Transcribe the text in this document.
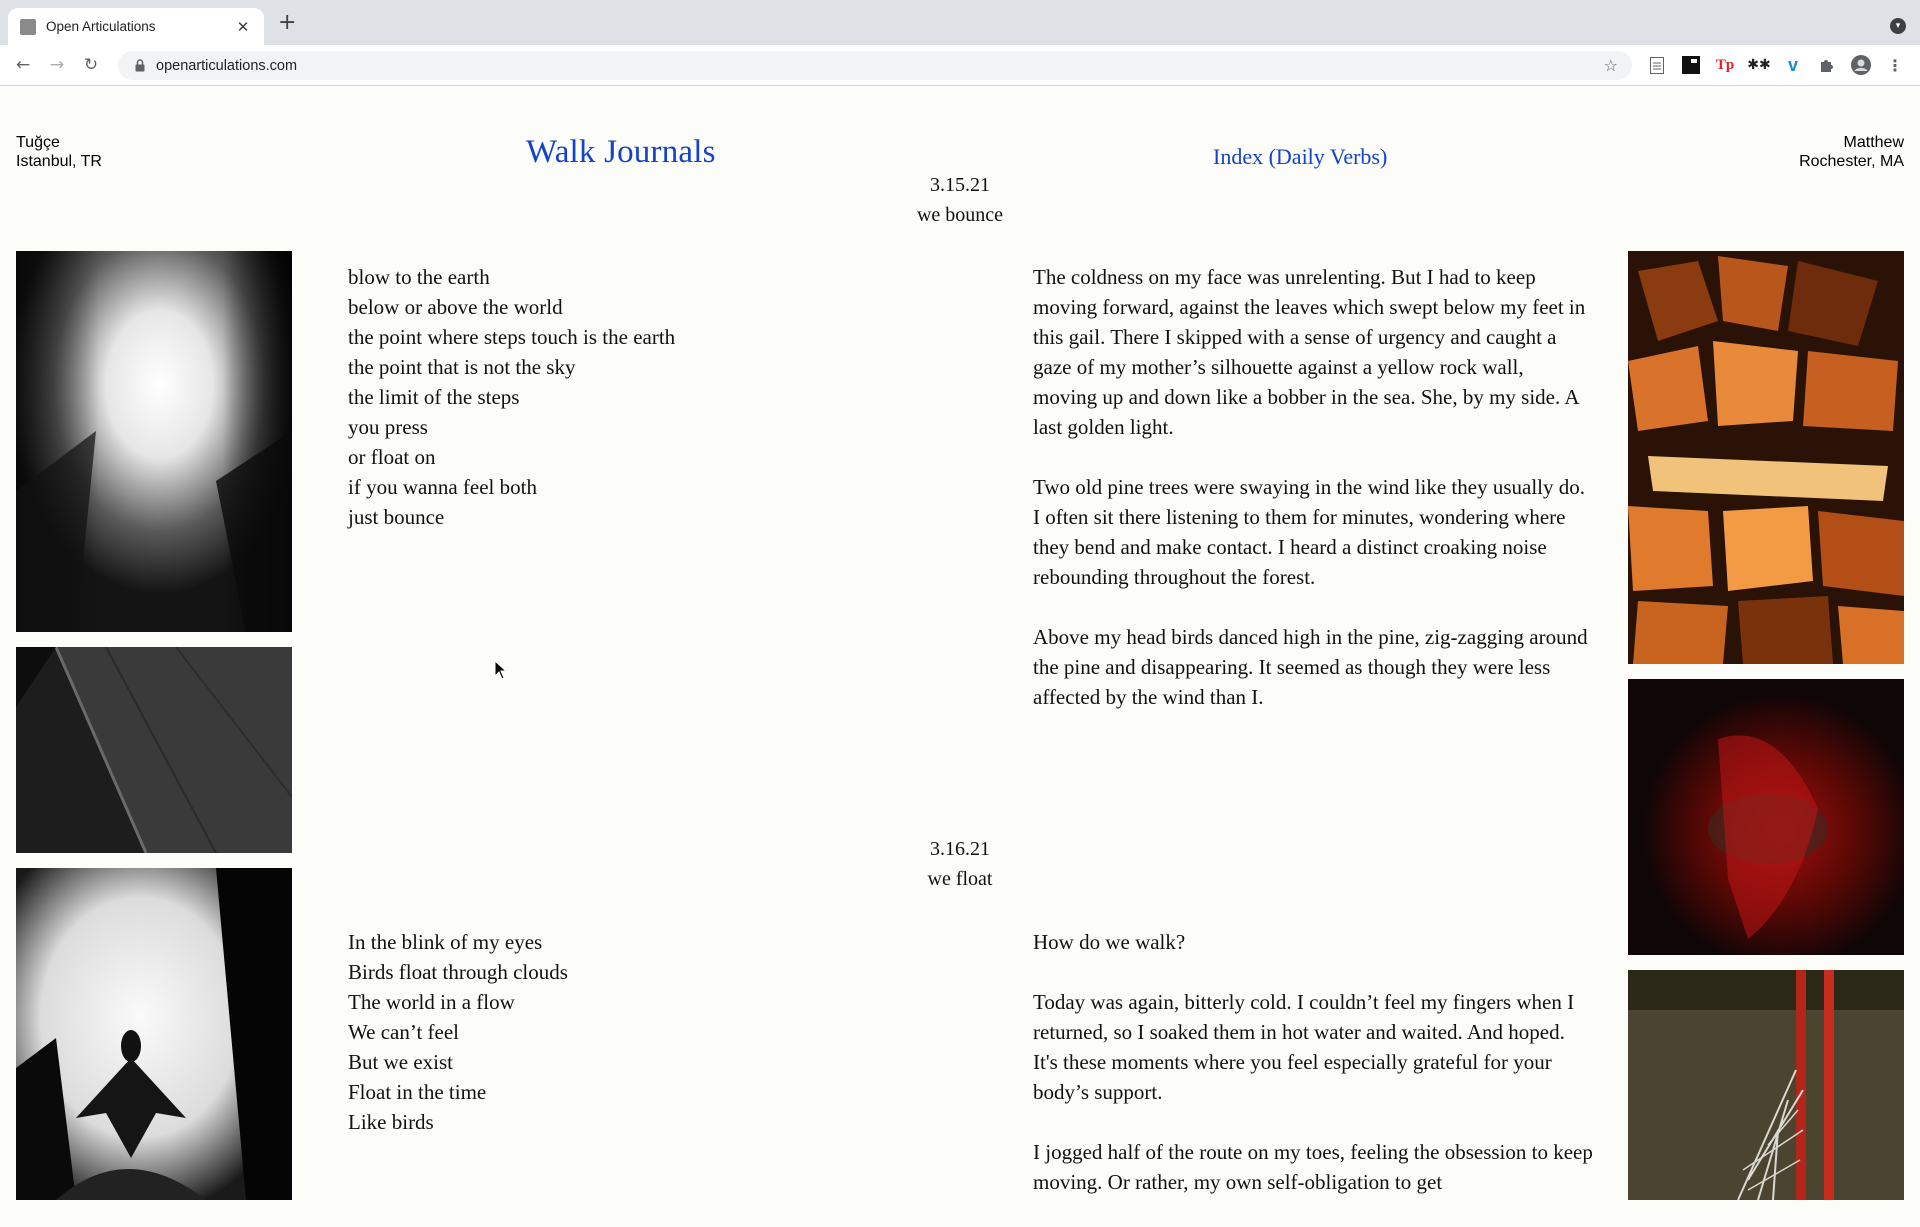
Open Articulations	✕ +	▾
←	→	↻	openarticulations.com	☆	Tp ✱✱ v	⋮
Tuğçe
Istanbul, TR	Walk Journals	Index (Daily Verbs)
Matthew
Rochester, MA
3.15.21
we bounce
blow to the earth
below or above the world
the point where steps touch is the earth
the point that is not the sky
the limit of the steps
you press
or float on
if you wanna feel both
just bounce

The coldness on my face was unrelenting. But I had to keep moving forward, against the leaves which swept below my feet in this gail. There I skipped with a sense of urgency and caught a gaze of my mother’s silhouette against a yellow rock wall, moving up and down like a bobber in the sea. She, by my side. A last golden light.

Two old pine trees were swaying in the wind like they usually do. I often sit there listening to them for minutes, wondering where they bend and make contact. I heard a distinct croaking noise rebounding throughout the forest.

Above my head birds danced high in the pine, zig-zagging around the pine and disappearing. It seemed as though they were less affected by the wind than I.

3.16.21
we float
In the blink of my eyes
Birds float through clouds
The world in a flow
We can’t feel
But we exist
Float in the time
Like birds

How do we walk?

Today was again, bitterly cold. I couldn’t feel my fingers when I returned, so I soaked them in hot water and waited. And hoped. It's these moments where you feel especially grateful for your body’s support.

I jogged half of the route on my toes, feeling the obsession to keep moving. Or rather, my own self-obligation to get
